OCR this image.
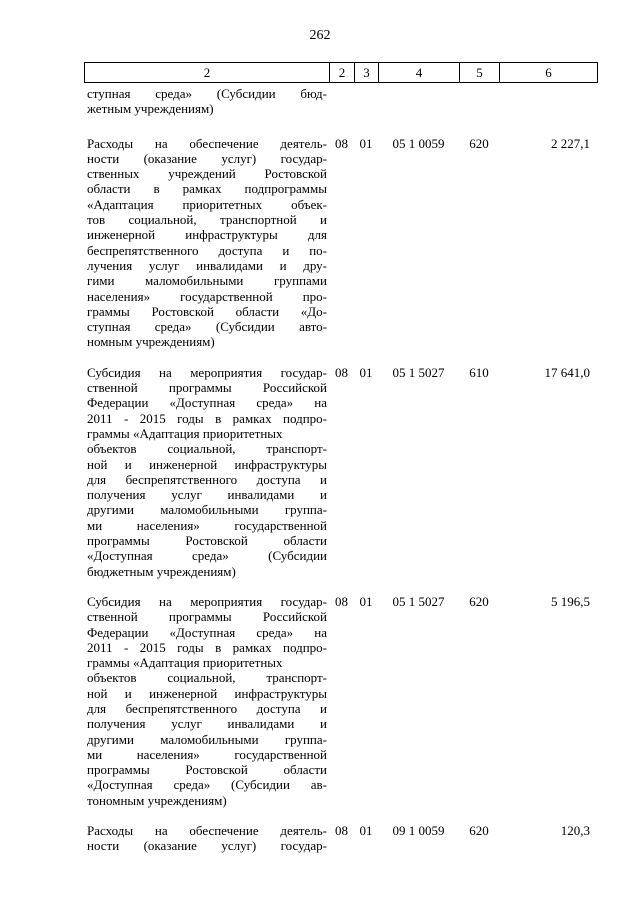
262
2	2	3	4	5	6
ступная среда» (Субсидии бюд-
жетным учреждениям)
Расходы на обеспечение деятель-
ности (оказание услуг) государ-
ственных учреждений Ростовской
области в рамках подпрограммы
«Адаптация приоритетных объек-
тов социальной, транспортной и
инженерной инфраструктуры для
беспрепятственного доступа и по-
лучения услуг инвалидами и дру-
гими маломобильными группами
населения» государственной про-
граммы Ростовской области «До-
ступная среда» (Субсидии авто-
номным учреждениям)
08 01	05 1 0059	620	2 227,1
Субсидия на мероприятия государ-
ственной программы Российской
Федерации «Доступная среда» на
2011 - 2015 годы в рамках подпро-
граммы «Адаптация приоритетных
объектов социальной, транспорт-
ной и инженерной инфраструктуры
для беспрепятственного доступа и
получения услуг инвалидами и
другими маломобильными группа-
ми населения» государственной
программы Ростовской области
«Доступная среда» (Субсидии
бюджетным учреждениям)
08 01	05 1 5027	610	17 641,0
Субсидия на мероприятия государ-
ственной программы Российской
Федерации «Доступная среда» на
2011 - 2015 годы в рамках подпро-
граммы «Адаптация приоритетных
объектов социальной, транспорт-
ной и инженерной инфраструктуры
для беспрепятственного доступа и
получения услуг инвалидами и
другими маломобильными группа-
ми населения» государственной
программы Ростовской области
«Доступная среда» (Субсидии ав-
тономным учреждениям)
08 01	05 1 5027	620	5 196,5
Расходы на обеспечение деятель-
ности (оказание услуг) государ-
08 01	09 1 0059	620	120,3
